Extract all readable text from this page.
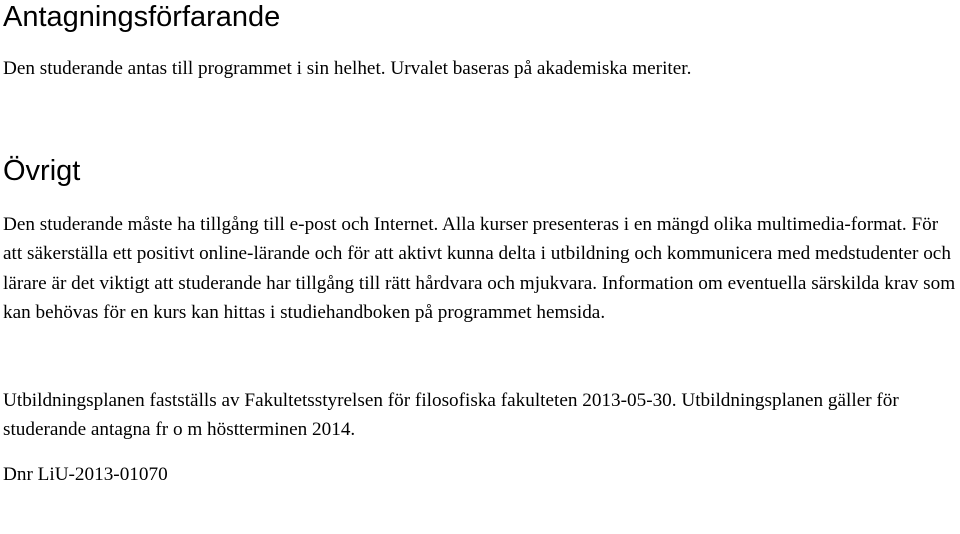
Antagningsförfarande

Den studerande antas till programmet i sin helhet. Urvalet baseras på akademiska meriter.

Övrigt

Den studerande måste ha tillgång till e-post och Internet. Alla kurser presenteras i en mängd olika multimedia-format. För att säkerställa ett positivt online-lärande och för att aktivt kunna delta i utbildning och kommunicera med medstudenter och lärare är det viktigt att studerande har tillgång till rätt hårdvara och mjukvara. Information om eventuella särskilda krav som kan behövas för en kurs kan hittas i studiehandboken på programmet hemsida.

Utbildningsplanen fastställs av Fakultetsstyrelsen för filosofiska fakulteten 2013-05-30. Utbildningsplanen gäller för studerande antagna fr o m höstterminen 2014.

Dnr LiU-2013-01070
